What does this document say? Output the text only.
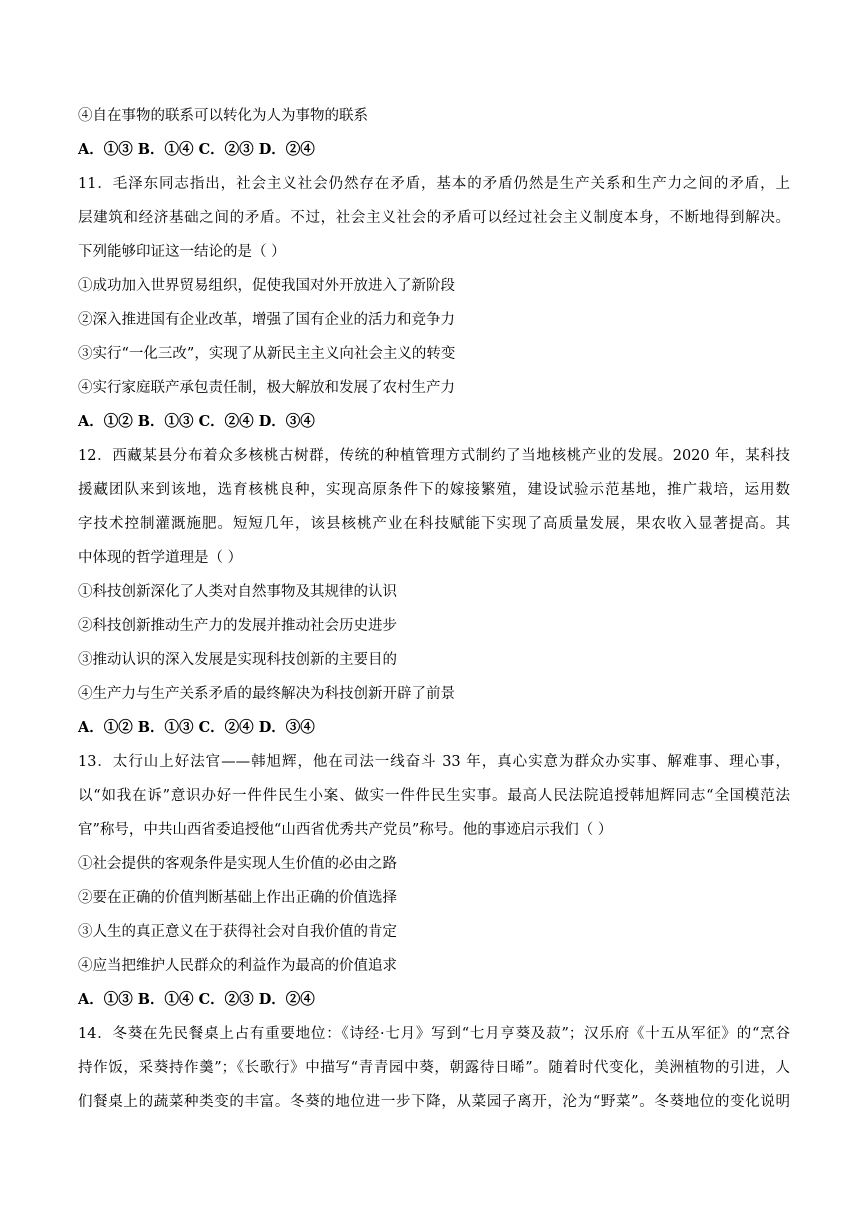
④自在事物的联系可以转化为人为事物的联系
A．①③ B．①④ C．②③ D．②④
11．毛泽东同志指出，社会主义社会仍然存在矛盾，基本的矛盾仍然是生产关系和生产力之间的矛盾，上
层建筑和经济基础之间的矛盾。不过，社会主义社会的矛盾可以经过社会主义制度本身，不断地得到解决。
下列能够印证这一结论的是（ ）
①成功加入世界贸易组织，促使我国对外开放进入了新阶段
②深入推进国有企业改革，增强了国有企业的活力和竞争力
③实行“一化三改”，实现了从新民主主义向社会主义的转变
④实行家庭联产承包责任制，极大解放和发展了农村生产力
A．①② B．①③ C．②④ D．③④
12．西藏某县分布着众多核桃古树群，传统的种植管理方式制约了当地核桃产业的发展。2020 年，某科技
援藏团队来到该地，选育核桃良种，实现高原条件下的嫁接繁殖，建设试验示范基地，推广栽培，运用数
字技术控制灌溉施肥。短短几年，该县核桃产业在科技赋能下实现了高质量发展，果农收入显著提高。其
中体现的哲学道理是（ ）
①科技创新深化了人类对自然事物及其规律的认识
②科技创新推动生产力的发展并推动社会历史进步
③推动认识的深入发展是实现科技创新的主要目的
④生产力与生产关系矛盾的最终解决为科技创新开辟了前景
A．①② B．①③ C．②④ D．③④
13．太行山上好法官——韩旭辉，他在司法一线奋斗 33 年，真心实意为群众办实事、解难事、理心事，
以“如我在诉”意识办好一件件民生小案、做实一件件民生实事。最高人民法院追授韩旭辉同志“全国模范法
官”称号，中共山西省委追授他“山西省优秀共产党员”称号。他的事迹启示我们（ ）
①社会提供的客观条件是实现人生价值的必由之路
②要在正确的价值判断基础上作出正确的价值选择
③人生的真正意义在于获得社会对自我价值的肯定
④应当把维护人民群众的利益作为最高的价值追求
A．①③ B．①④ C．②③ D．②④
14．冬葵在先民餐桌上占有重要地位：《诗经·七月》写到“七月亨葵及菽”；汉乐府《十五从军征》的“烹谷
持作饭，采葵持作羹”；《长歌行》中描写“青青园中葵，朝露待日晞”。随着时代变化，美洲植物的引进，人
们餐桌上的蔬菜种类变的丰富。冬葵的地位进一步下降，从菜园子离开，沦为“野菜”。冬葵地位的变化说明
